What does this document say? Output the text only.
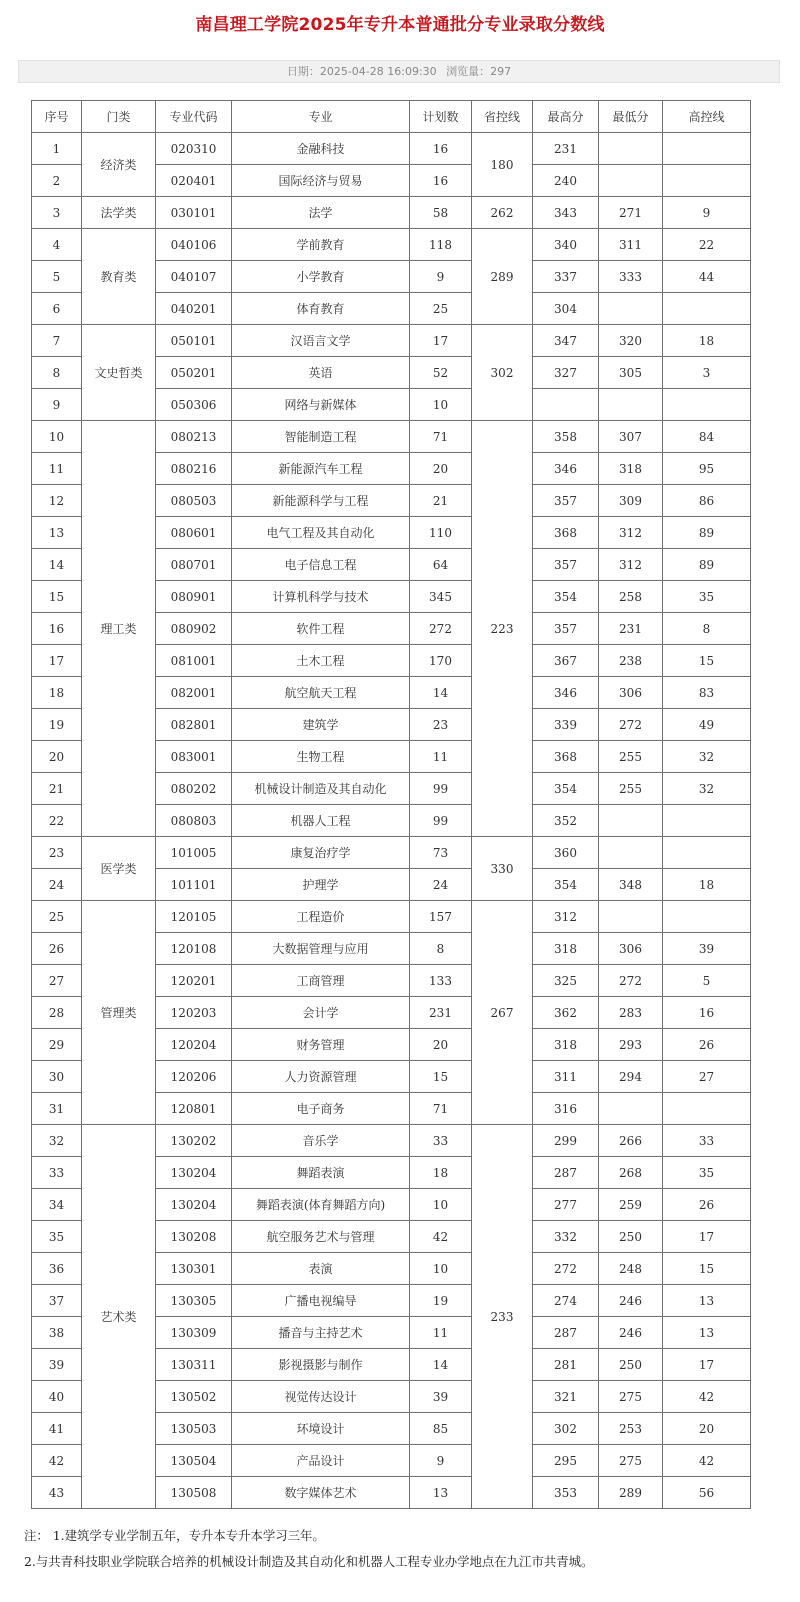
南昌理工学院2025年专升本普通批分专业录取分数线
日期：2025-04-28 16:09:30 浏览量：297
序号	门类	专业代码	专业	计划数	省控线	最高分	最低分	高控线
1	经济类	020310	金融科技	16	180	231		
2		020401	国际经济与贸易	16		240		
3	法学类	030101	法学	58	262	343	271	9
4	教育类	040106	学前教育	118	289	340	311	22
5		040107	小学教育	9		337	333	44
6		040201	体育教育	25		304		
7	文史哲类	050101	汉语言文学	17	302	347	320	18
8		050201	英语	52		327	305	3
9		050306	网络与新媒体	10				
10	理工类	080213	智能制造工程	71	223	358	307	84
11		080216	新能源汽车工程	20		346	318	95
12		080503	新能源科学与工程	21		357	309	86
13		080601	电气工程及其自动化	110		368	312	89
14		080701	电子信息工程	64		357	312	89
15		080901	计算机科学与技术	345		354	258	35
16		080902	软件工程	272		357	231	8
17		081001	土木工程	170		367	238	15
18		082001	航空航天工程	14		346	306	83
19		082801	建筑学	23		339	272	49
20		083001	生物工程	11		368	255	32
21		080202	机械设计制造及其自动化	99		354	255	32
22		080803	机器人工程	99		352		
23	医学类	101005	康复治疗学	73	330	360		
24		101101	护理学	24		354	348	18
25	管理类	120105	工程造价	157	267	312		
26		120108	大数据管理与应用	8		318	306	39
27		120201	工商管理	133		325	272	5
28		120203	会计学	231		362	283	16
29		120204	财务管理	20		318	293	26
30		120206	人力资源管理	15		311	294	27
31		120801	电子商务	71		316		
32	艺术类	130202	音乐学	33	233	299	266	33
33		130204	舞蹈表演	18		287	268	35
34		130204	舞蹈表演(体育舞蹈方向)	10		277	259	26
35		130208	航空服务艺术与管理	42		332	250	17
36		130301	表演	10		272	248	15
37		130305	广播电视编导	19		274	246	13
38		130309	播音与主持艺术	11		287	246	13
39		130311	影视摄影与制作	14		281	250	17
40		130502	视觉传达设计	39		321	275	42
41		130503	环境设计	85		302	253	20
42		130504	产品设计	9		295	275	42
43		130508	数字媒体艺术	13		353	289	56
注： 1.建筑学专业学制五年，专升本专升本学习三年。
2.与共青科技职业学院联合培养的机械设计制造及其自动化和机器人工程专业办学地点在九江市共青城。
